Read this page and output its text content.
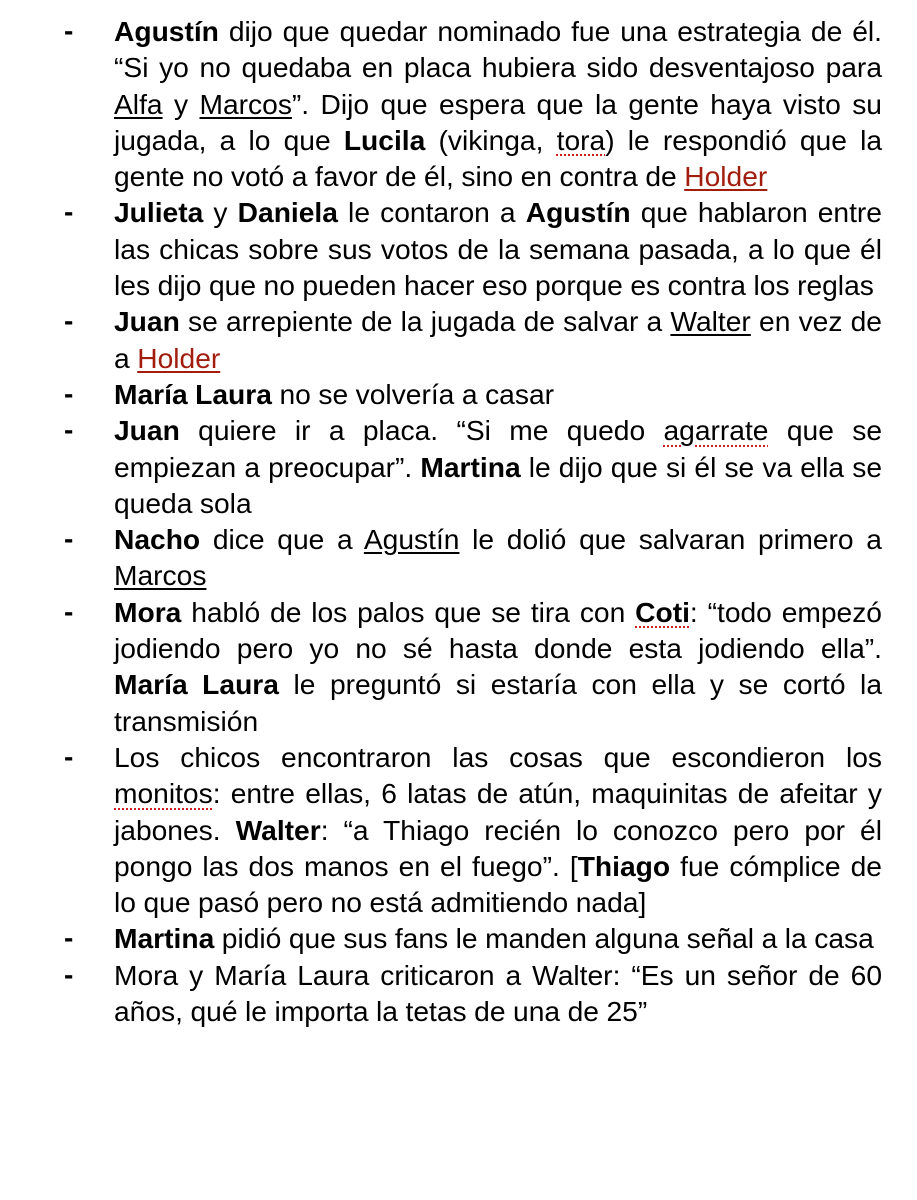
- Agustín dijo que quedar nominado fue una estrategia de él. “Si yo no quedaba en placa hubiera sido desventajoso para Alfa y Marcos”. Dijo que espera que la gente haya visto su jugada, a lo que Lucila (vikinga, tora) le respondió que la gente no votó a favor de él, sino en contra de Holder
- Julieta y Daniela le contaron a Agustín que hablaron entre las chicas sobre sus votos de la semana pasada, a lo que él les dijo que no pueden hacer eso porque es contra los reglas
- Juan se arrepiente de la jugada de salvar a Walter en vez de a Holder
- María Laura no se volvería a casar
- Juan quiere ir a placa. “Si me quedo agarrate que se empiezan a preocupar”. Martina le dijo que si él se va ella se queda sola
- Nacho dice que a Agustín le dolió que salvaran primero a Marcos
- Mora habló de los palos que se tira con Coti: “todo empezó jodiendo pero yo no sé hasta donde esta jodiendo ella”. María Laura le preguntó si estaría con ella y se cortó la transmisión
- Los chicos encontraron las cosas que escondieron los monitos: entre ellas, 6 latas de atún, maquinitas de afeitar y jabones. Walter: “a Thiago recién lo conozco pero por él pongo las dos manos en el fuego”. [Thiago fue cómplice de lo que pasó pero no está admitiendo nada]
- Martina pidió que sus fans le manden alguna señal a la casa
- Mora y María Laura criticaron a Walter: “Es un señor de 60 años, qué le importa la tetas de una de 25”
